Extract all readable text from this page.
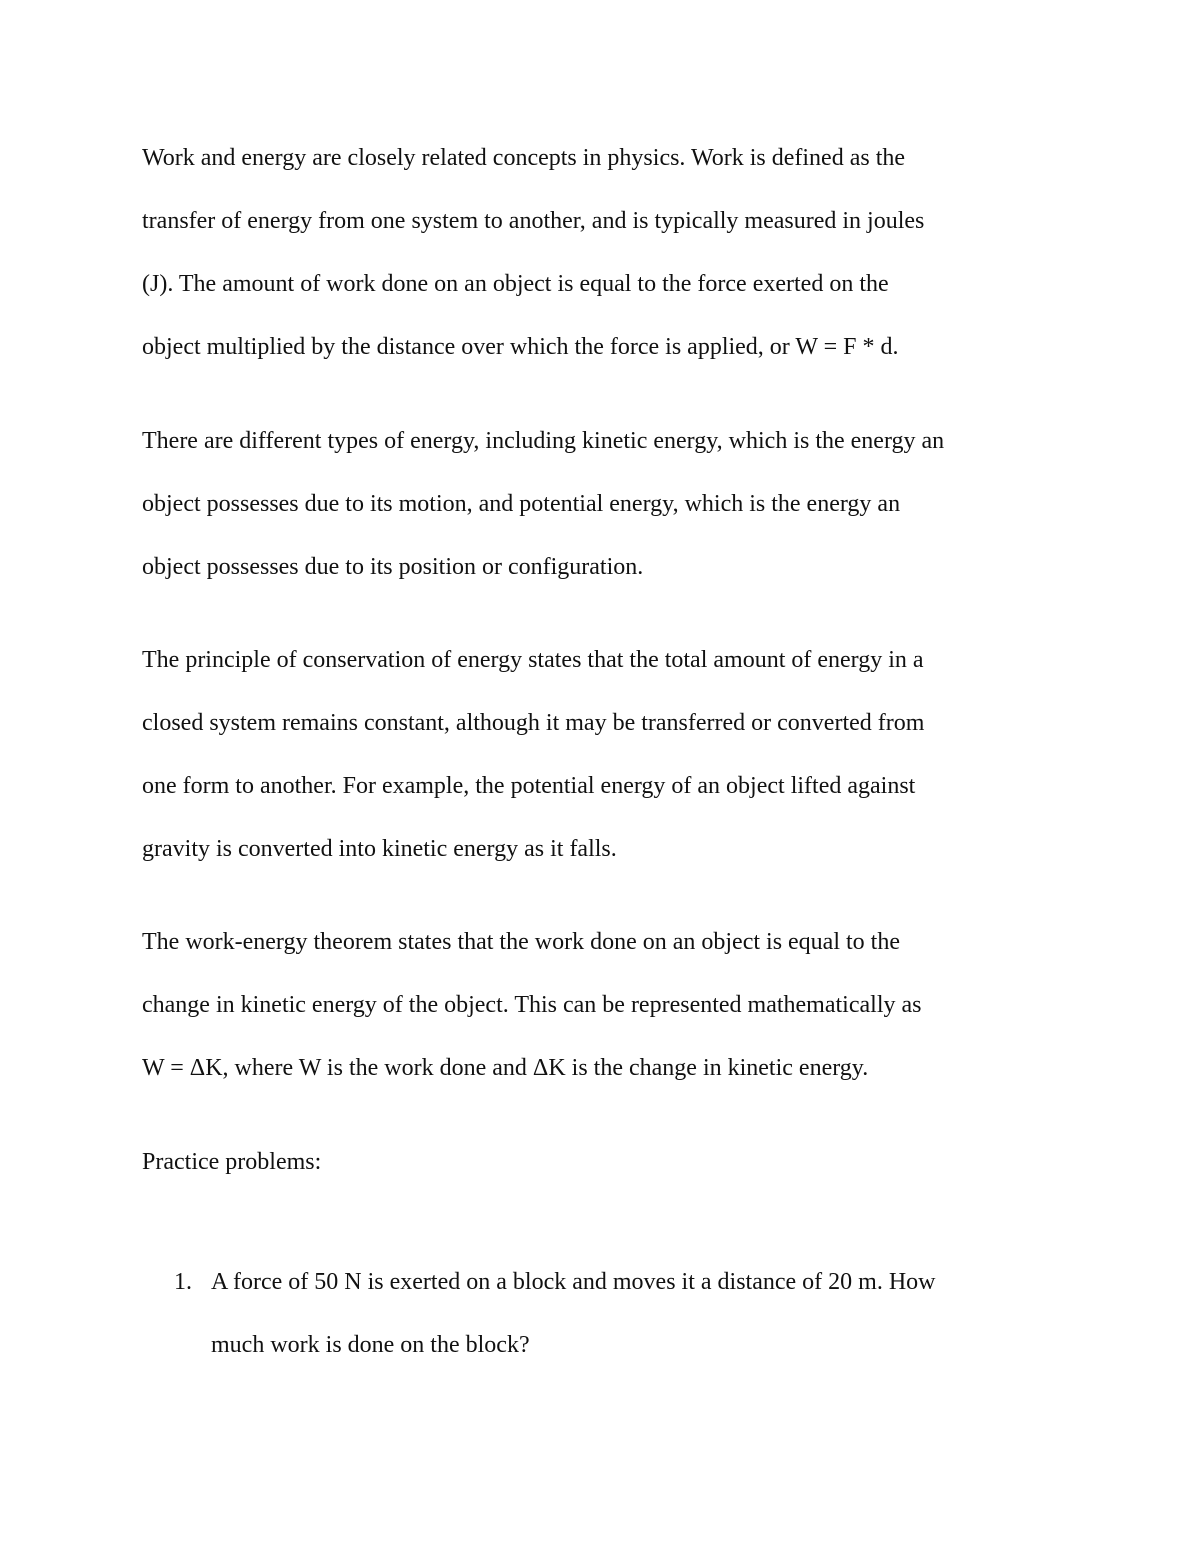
Work and energy are closely related concepts in physics. Work is defined as the
transfer of energy from one system to another, and is typically measured in joules
(J). The amount of work done on an object is equal to the force exerted on the
object multiplied by the distance over which the force is applied, or W = F * d.

There are different types of energy, including kinetic energy, which is the energy an
object possesses due to its motion, and potential energy, which is the energy an
object possesses due to its position or configuration.

The principle of conservation of energy states that the total amount of energy in a
closed system remains constant, although it may be transferred or converted from
one form to another. For example, the potential energy of an object lifted against
gravity is converted into kinetic energy as it falls.

The work-energy theorem states that the work done on an object is equal to the
change in kinetic energy of the object. This can be represented mathematically as
W = ΔK, where W is the work done and ΔK is the change in kinetic energy.

Practice problems:

1. A force of 50 N is exerted on a block and moves it a distance of 20 m. How
much work is done on the block?
